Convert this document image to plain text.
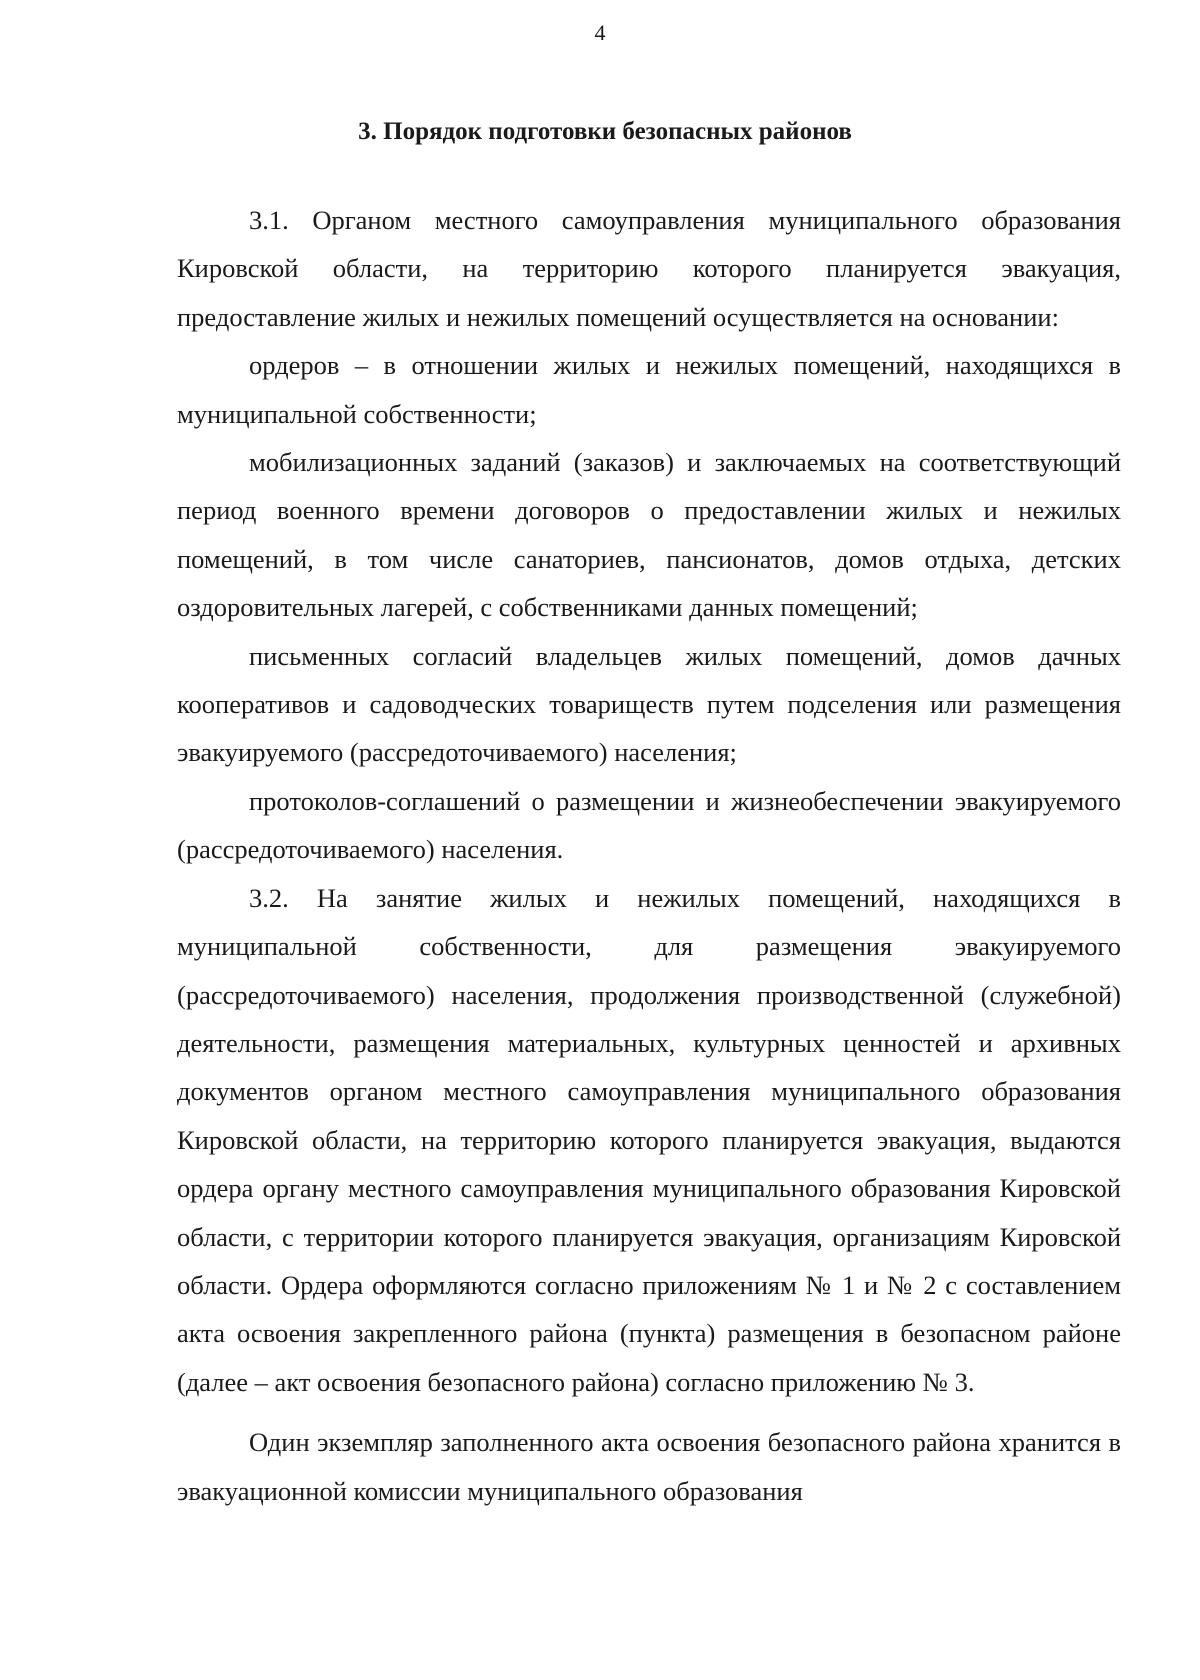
4
3. Порядок подготовки безопасных районов

3.1. Органом местного самоуправления муниципального образования Кировской области, на территорию которого планируется эвакуация, предоставление жилых и нежилых помещений осуществляется на основании:

ордеров – в отношении жилых и нежилых помещений, находящихся в муниципальной собственности;

мобилизационных заданий (заказов) и заключаемых на соответствующий период военного времени договоров о предоставлении жилых и нежилых помещений, в том числе санаториев, пансионатов, домов отдыха, детских оздоровительных лагерей, с собственниками данных помещений;

письменных согласий владельцев жилых помещений, домов дачных кооперативов и садоводческих товариществ путем подселения или размещения эвакуируемого (рассредоточиваемого) населения;

протоколов-соглашений о размещении и жизнеобеспечении эвакуируемого (рассредоточиваемого) населения.

3.2. На занятие жилых и нежилых помещений, находящихся в муниципальной собственности, для размещения эвакуируемого (рассредоточиваемого) населения, продолжения производственной (служебной) деятельности, размещения материальных, культурных ценностей и архивных документов органом местного самоуправления муниципального образования Кировской области, на территорию которого планируется эвакуация, выдаются ордера органу местного самоуправления муниципального образования Кировской области, с территории которого планируется эвакуация, организациям Кировской области. Ордера оформляются согласно приложениям № 1 и № 2 с составлением акта освоения закрепленного района (пункта) размещения в безопасном районе (далее – акт освоения безопасного района) согласно приложению № 3.

Один экземпляр заполненного акта освоения безопасного района хранится в эвакуационной комиссии муниципального образования
